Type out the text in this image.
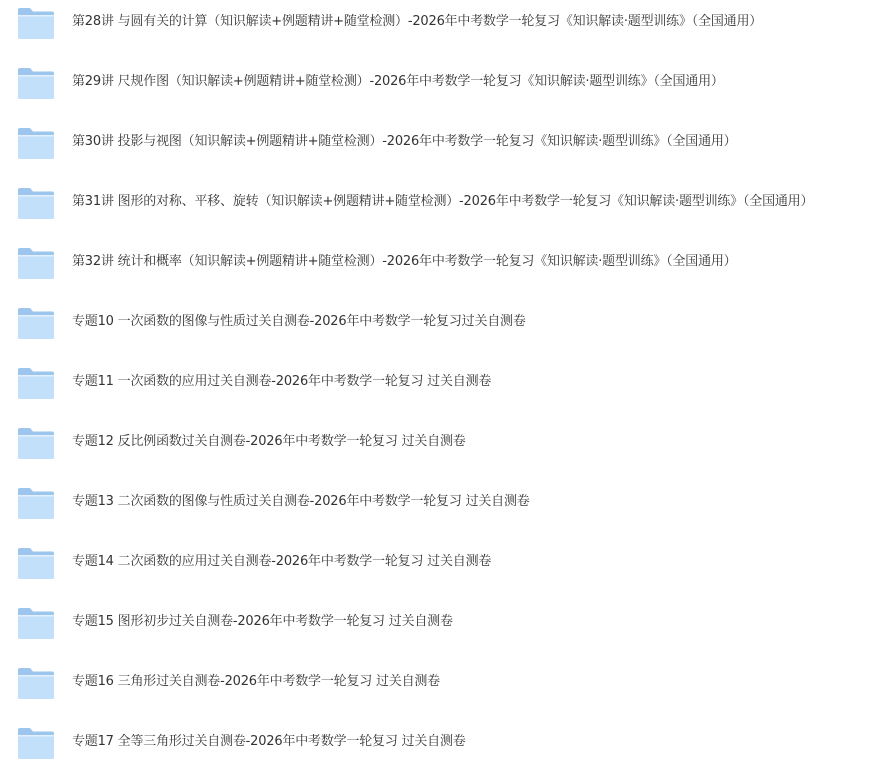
第28讲 与圆有关的计算（知识解读+例题精讲+随堂检测）-2026年中考数学一轮复习《知识解读·题型训练》（全国通用）
第29讲 尺规作图（知识解读+例题精讲+随堂检测）-2026年中考数学一轮复习《知识解读·题型训练》（全国通用）
第30讲 投影与视图（知识解读+例题精讲+随堂检测）-2026年中考数学一轮复习《知识解读·题型训练》（全国通用）
第31讲 图形的对称、平移、旋转（知识解读+例题精讲+随堂检测）-2026年中考数学一轮复习《知识解读·题型训练》（全国通用）
第32讲 统计和概率（知识解读+例题精讲+随堂检测）-2026年中考数学一轮复习《知识解读·题型训练》（全国通用）
专题10 一次函数的图像与性质过关自测卷-2026年中考数学一轮复习过关自测卷
专题11 一次函数的应用过关自测卷-2026年中考数学一轮复习 过关自测卷
专题12 反比例函数过关自测卷-2026年中考数学一轮复习 过关自测卷
专题13 二次函数的图像与性质过关自测卷-2026年中考数学一轮复习 过关自测卷
专题14 二次函数的应用过关自测卷-2026年中考数学一轮复习 过关自测卷
专题15 图形初步过关自测卷-2026年中考数学一轮复习 过关自测卷
专题16 三角形过关自测卷-2026年中考数学一轮复习 过关自测卷
专题17 全等三角形过关自测卷-2026年中考数学一轮复习 过关自测卷
